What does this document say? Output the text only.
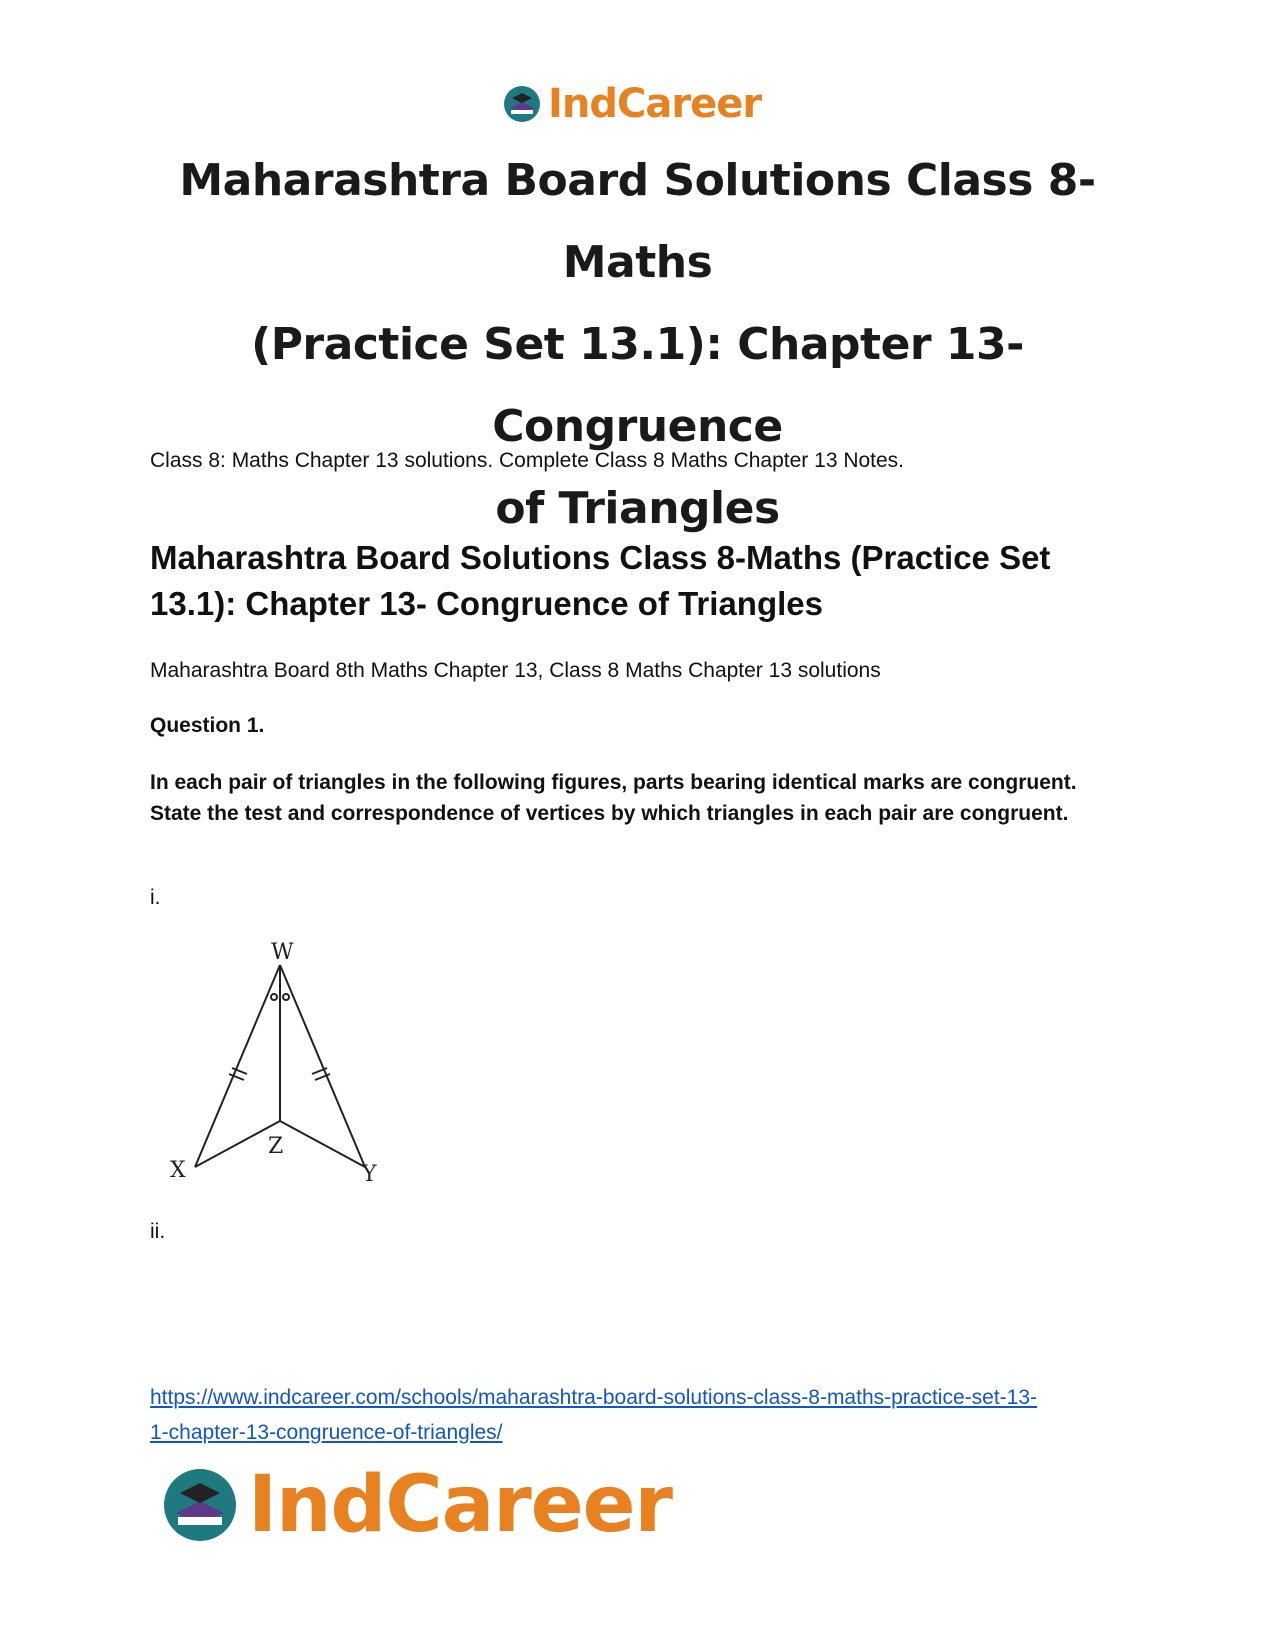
IndCareer
Maharashtra Board Solutions Class 8-Maths
(Practice Set 13.1): Chapter 13- Congruence
of Triangles

Class 8: Maths Chapter 13 solutions. Complete Class 8 Maths Chapter 13 Notes.

Maharashtra Board Solutions Class 8-Maths (Practice Set
13.1): Chapter 13- Congruence of Triangles

Maharashtra Board 8th Maths Chapter 13, Class 8 Maths Chapter 13 solutions

Question 1.

In each pair of triangles in the following figures, parts bearing identical marks are congruent. State the test and correspondence of vertices by which triangles in each pair are congruent.

i.

W
Z
X	Y

ii.

https://www.indcareer.com/schools/maharashtra-board-solutions-class-8-maths-practice-set-13-
1-chapter-13-congruence-of-triangles/
IndCareer
